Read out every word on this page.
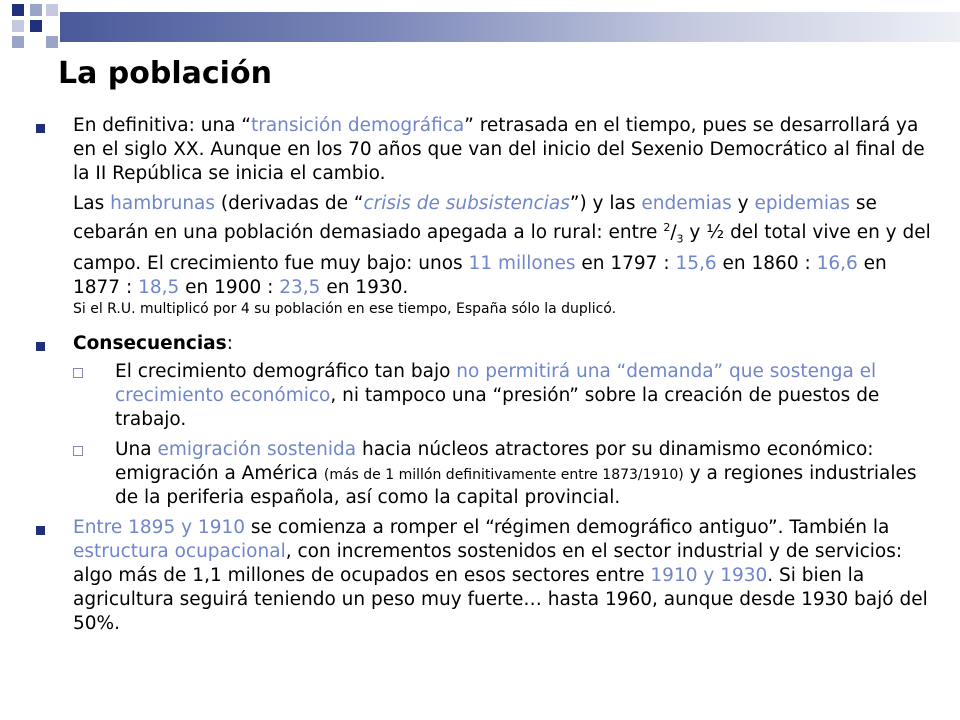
La población

En definitiva: una “transición demográfica” retrasada en el tiempo, pues se desarrollará ya en el siglo XX. Aunque en los 70 años que van del inicio del Sexenio Democrático al final de la II República se inicia el cambio.

Las hambrunas (derivadas de “crisis de subsistencias”) y las endemias y epidemias se cebarán en una población demasiado apegada a lo rural: entre $^2/_3$ y ½ del total vive en y del campo. El crecimiento fue muy bajo: unos 11 millones en 1797 : 15,6 en 1860 : 16,6 en 1877 : 18,5 en 1900 : 23,5 en 1930.

Si el R.U. multiplicó por 4 su población en ese tiempo, España sólo la duplicó.

Consecuencias:

El crecimiento demográfico tan bajo no permitirá una “demanda” que sostenga el crecimiento económico, ni tampoco una “presión” sobre la creación de puestos de trabajo.

Una emigración sostenida hacia núcleos atractores por su dinamismo económico: emigración a América (más de 1 millón definitivamente entre 1873/1910) y a regiones industriales de la periferia española, así como la capital provincial.

Entre 1895 y 1910 se comienza a romper el “régimen demográfico antiguo”. También la estructura ocupacional, con incrementos sostenidos en el sector industrial y de servicios: algo más de 1,1 millones de ocupados en esos sectores entre 1910 y 1930. Si bien la agricultura seguirá teniendo un peso muy fuerte… hasta 1960, aunque desde 1930 bajó del 50%.
